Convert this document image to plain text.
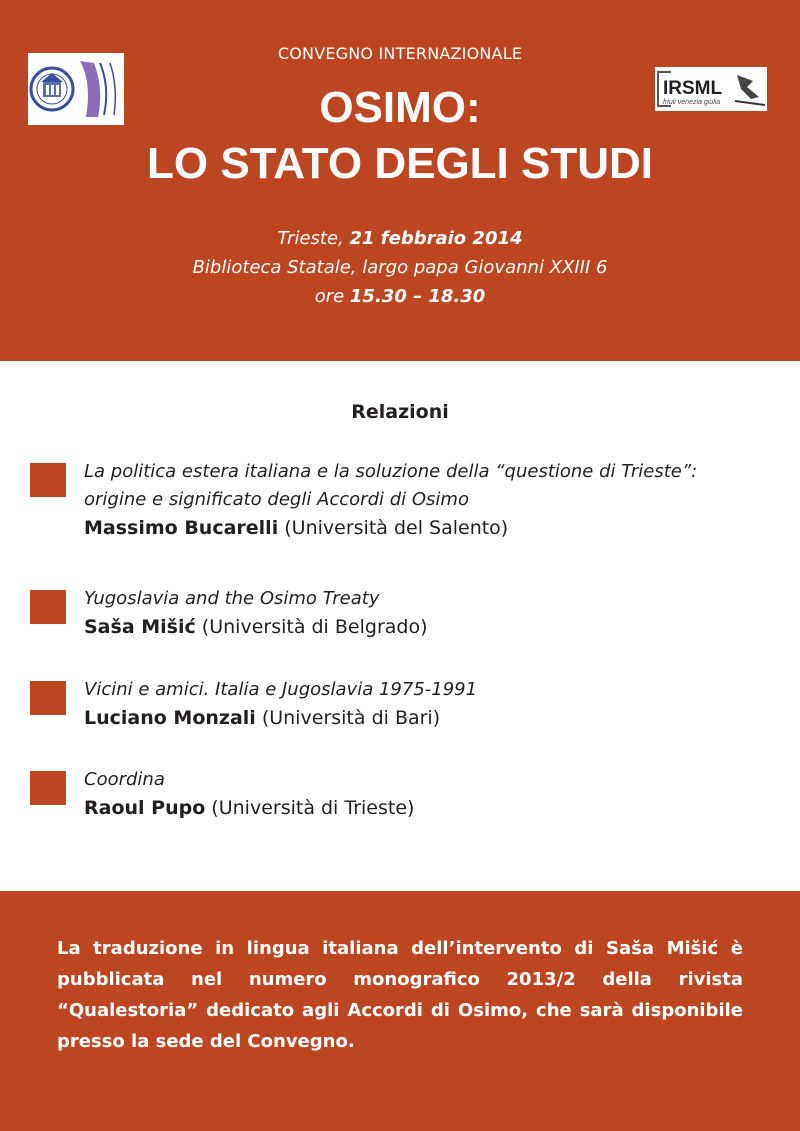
CONVEGNO INTERNAZIONALE
IRSML
friuli venezia giulia
OSIMO:
LO STATO DEGLI STUDI
Trieste, 21 febbraio 2014
Biblioteca Statale, largo papa Giovanni XXIII 6
ore 15.30 – 18.30
Relazioni
La politica estera italiana e la soluzione della “questione di Trieste”:
origine e significato degli Accordi di Osimo
Massimo Bucarelli (Università del Salento)
Yugoslavia and the Osimo Treaty
Saša Mišić (Università di Belgrado)
Vicini e amici. Italia e Jugoslavia 1975-1991
Luciano Monzali (Università di Bari)
Coordina
Raoul Pupo (Università di Trieste)
La traduzione in lingua italiana dell’intervento di Saša Mišić è pubblicata nel numero monografico 2013/2 della rivista “Qualestoria” dedicato agli Accordi di Osimo, che sarà disponibile presso la sede del Convegno.
